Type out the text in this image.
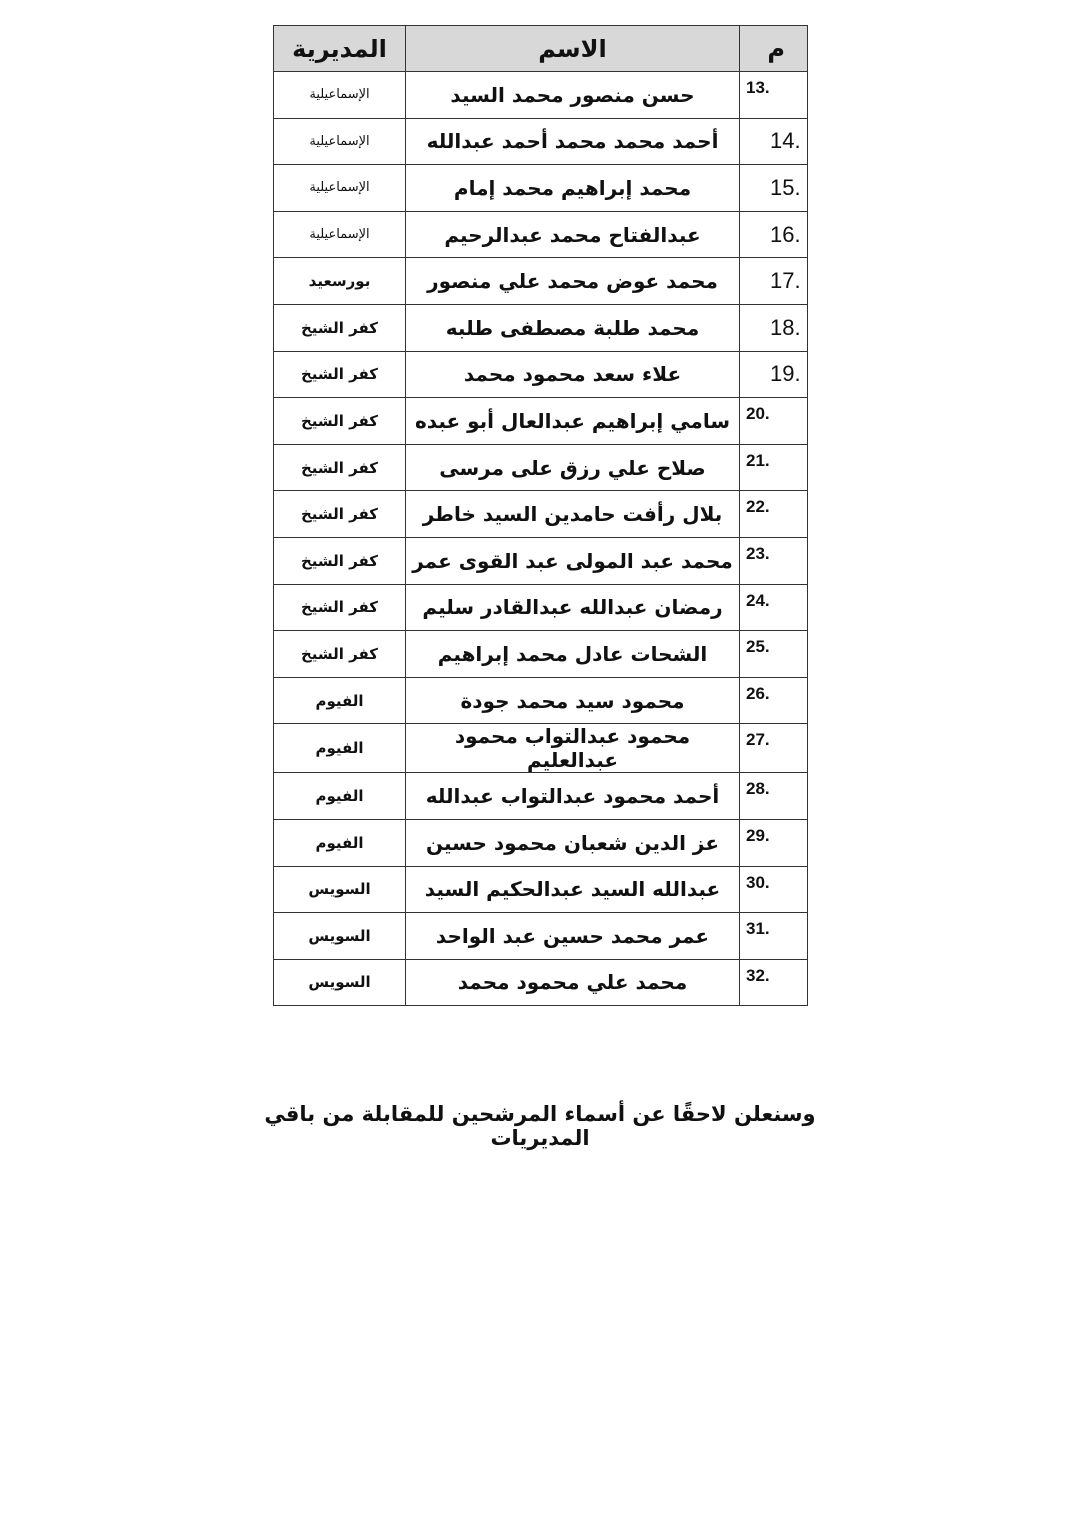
المديرية	الاسم	م
الإسماعيلية	حسن منصور محمد السيد	13.
الإسماعيلية	أحمد محمد محمد أحمد عبدالله	14.
الإسماعيلية	محمد إبراهيم محمد إمام	15.
الإسماعيلية	عبدالفتاح محمد عبدالرحيم	16.
بورسعيد	محمد عوض محمد علي منصور	17.
كفر الشيخ	محمد طلبة مصطفى طلبه	18.
كفر الشيخ	علاء سعد محمود محمد	19.
كفر الشيخ	سامي إبراهيم عبدالعال أبو عبده	20.
كفر الشيخ	صلاح علي رزق على مرسى	21.
كفر الشيخ	بلال رأفت حامدين السيد خاطر	22.
كفر الشيخ	محمد عبد المولى عبد القوى عمر	23.
كفر الشيخ	رمضان عبدالله عبدالقادر سليم	24.
كفر الشيخ	الشحات عادل محمد إبراهيم	25.
الفيوم	محمود سيد محمد جودة	26.
الفيوم	محمود عبدالتواب محمود عبدالعليم	27.
الفيوم	أحمد محمود عبدالتواب عبدالله	28.
الفيوم	عز الدين شعبان محمود حسين	29.
السويس	عبدالله السيد عبدالحكيم السيد	30.
السويس	عمر محمد حسين عبد الواحد	31.
السويس	محمد علي محمود محمد	32.
وسنعلن لاحقًا عن أسماء المرشحين للمقابلة من باقي المديريات
